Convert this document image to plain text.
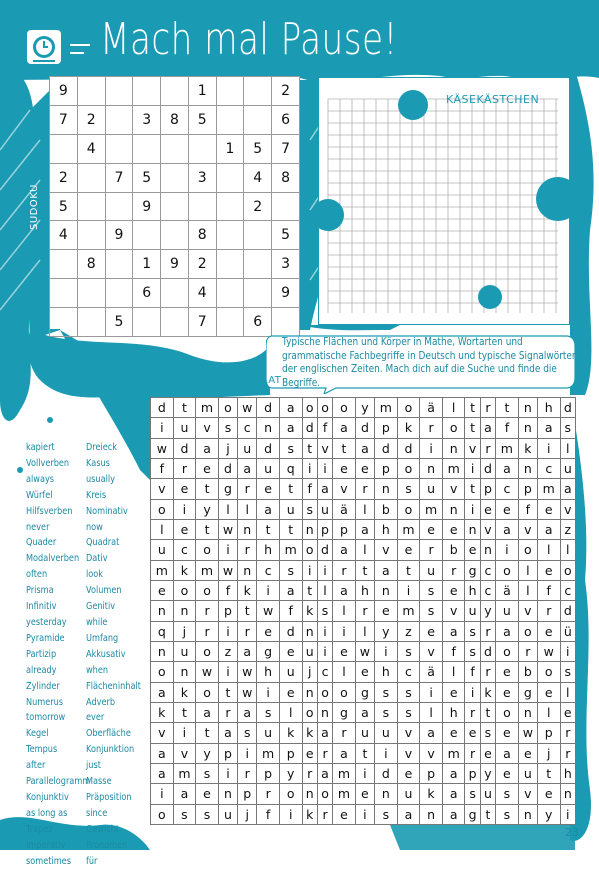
Mach mal Pause!
SUDOKU
9					1			2
7	2		3	8	5			6
	4					1	5	7
2		7	5		3		4	8
5			9				2	
4		9			8			5
	8		1	9	2			3
			6		4			9
		5			7		6	
KÄSEKÄSTCHEN
Typische Flächen und Körper in Mathe, Wortarten und grammatische Fachbegriffe in Deutsch und typische Signalwörter der englischen Zeiten. Mach dich auf die Suche und finde die Begriffe.
BUCHSTABENSALAT
d	t	m	o	w	d	a	o	o	o	y	m	o	ä	l	t	r	t	n	h	d
i	u	v	s	c	n	a	d	f	a	d	p	k	r	o	t	a	f	n	a	s
w	d	a	j	u	d	s	t	v	t	a	d	d	i	n	v	r	m	k	i	l
f	r	e	d	a	u	q	i	i	e	e	p	o	n	m	i	d	a	n	c	u
v	e	t	g	r	e	t	f	a	v	r	n	s	u	v	t	p	c	p	m	a
o	i	y	l	l	a	u	s	u	ä	l	b	o	m	n	i	e	e	f	e	v
l	e	t	w	n	t	t	n	p	p	a	h	m	e	e	n	v	a	v	a	z
u	c	o	i	r	h	m	o	d	a	l	v	e	r	b	e	n	i	o	l	l
m	k	m	w	n	c	s	i	i	r	t	a	t	u	r	g	c	o	l	e	o
e	o	o	f	k	i	a	t	l	a	h	n	i	s	e	h	c	ä	l	f	c
n	n	r	p	t	w	f	k	s	l	r	e	m	s	v	u	y	u	v	r	d
q	j	r	i	r	e	d	n	i	i	l	y	z	e	a	s	r	a	o	e	ü
n	u	o	z	a	g	e	u	i	e	w	i	s	v	f	s	d	o	r	w	i
o	n	w	i	w	h	u	j	c	l	e	h	c	ä	l	f	r	e	b	o	s
a	k	o	t	w	i	e	n	o	o	g	s	s	i	e	i	k	e	g	e	l
k	t	a	r	a	s	l	o	n	g	a	s	s	l	h	r	t	o	n	l	e
v	i	t	a	s	u	k	k	a	r	u	u	v	a	e	e	s	e	w	p	r
a	v	y	p	i	m	p	e	r	a	t	i	v	v	m	r	e	a	e	j	r
a	m	s	i	r	p	y	r	a	m	i	d	e	p	a	p	y	e	u	t	h
i	a	e	n	p	r	o	n	o	m	e	n	u	k	a	s	u	s	v	e	n
o	s	s	u	j	f	i	k	r	e	i	s	a	n	a	g	t	s	n	y	i
kapiert
Vollverben
always
Würfel
Hilfsverben
never
Quader
Modalverben
often
Prisma
Infinitiv
yesterday
Pyramide
Partizip
already
Zylinder
Numerus
tomorrow
Kegel
Tempus
after
Parallelogramm
Konjunktiv
as long as
Trapez
Imperativ
sometimes
Dreieck
Kasus
usually
Kreis
Nominativ
now
Quadrat
Dativ
look
Volumen
Genitiv
while
Umfang
Akkusativ
when
Flächeninhalt
Adverb
ever
Oberfläche
Konjunktion
just
Masse
Präposition
since
Gewicht
Pronomen
für
23
